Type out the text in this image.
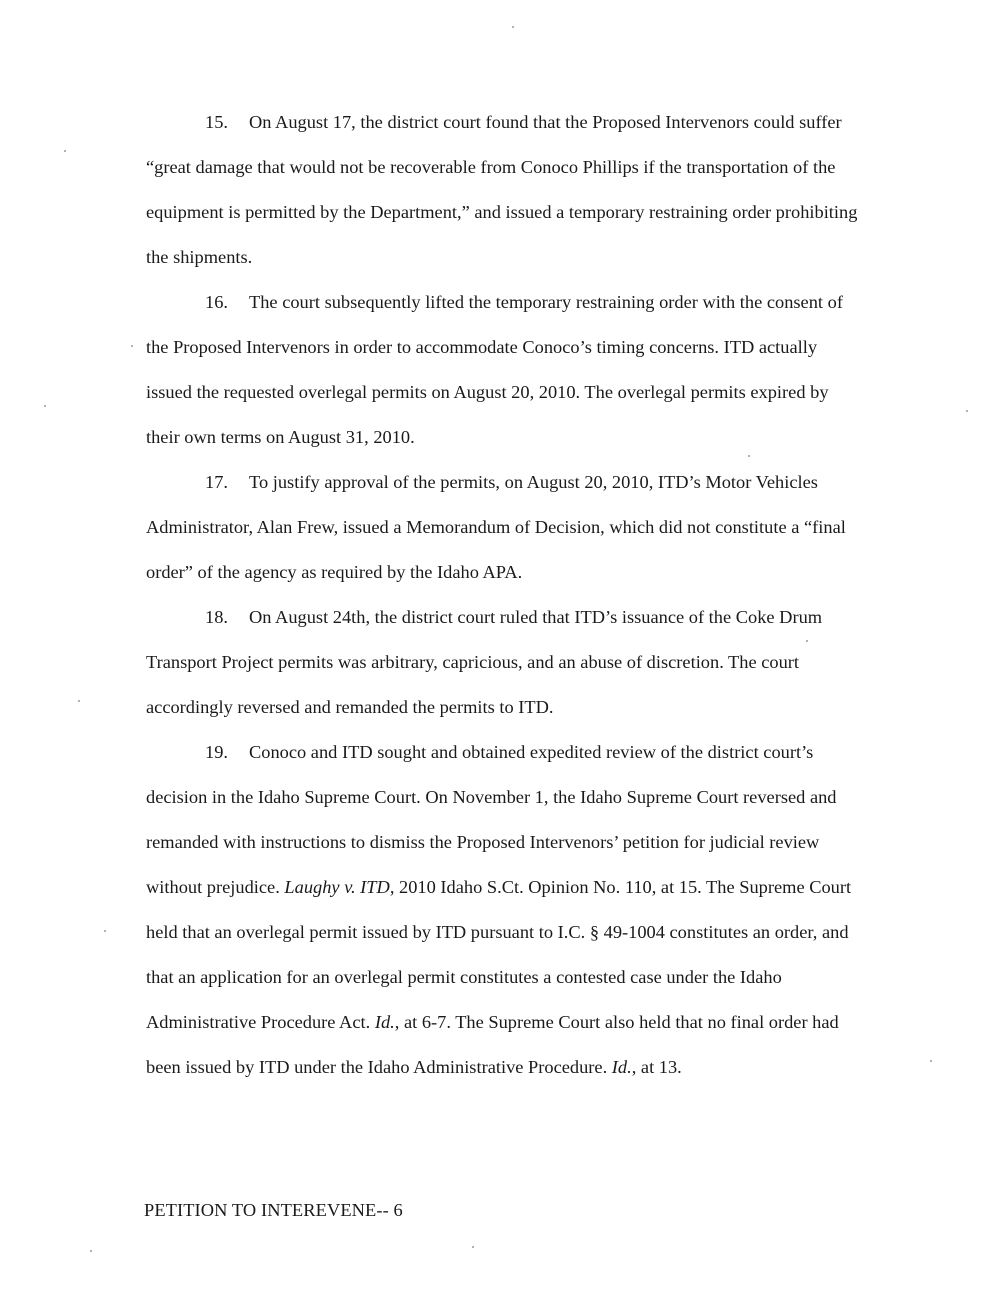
15. On August 17, the district court found that the Proposed Intervenors could suffer “great damage that would not be recoverable from Conoco Phillips if the transportation of the equipment is permitted by the Department,” and issued a temporary restraining order prohibiting the shipments.

16. The court subsequently lifted the temporary restraining order with the consent of the Proposed Intervenors in order to accommodate Conoco’s timing concerns. ITD actually issued the requested overlegal permits on August 20, 2010. The overlegal permits expired by their own terms on August 31, 2010.

17. To justify approval of the permits, on August 20, 2010, ITD’s Motor Vehicles Administrator, Alan Frew, issued a Memorandum of Decision, which did not constitute a “final order” of the agency as required by the Idaho APA.

18. On August 24th, the district court ruled that ITD’s issuance of the Coke Drum Transport Project permits was arbitrary, capricious, and an abuse of discretion. The court accordingly reversed and remanded the permits to ITD.

19. Conoco and ITD sought and obtained expedited review of the district court’s decision in the Idaho Supreme Court. On November 1, the Idaho Supreme Court reversed and remanded with instructions to dismiss the Proposed Intervenors’ petition for judicial review without prejudice. Laughy v. ITD, 2010 Idaho S.Ct. Opinion No. 110, at 15. The Supreme Court held that an overlegal permit issued by ITD pursuant to I.C. § 49-1004 constitutes an order, and that an application for an overlegal permit constitutes a contested case under the Idaho Administrative Procedure Act. Id., at 6-7. The Supreme Court also held that no final order had been issued by ITD under the Idaho Administrative Procedure. Id., at 13.

PETITION TO INTEREVENE-- 6
